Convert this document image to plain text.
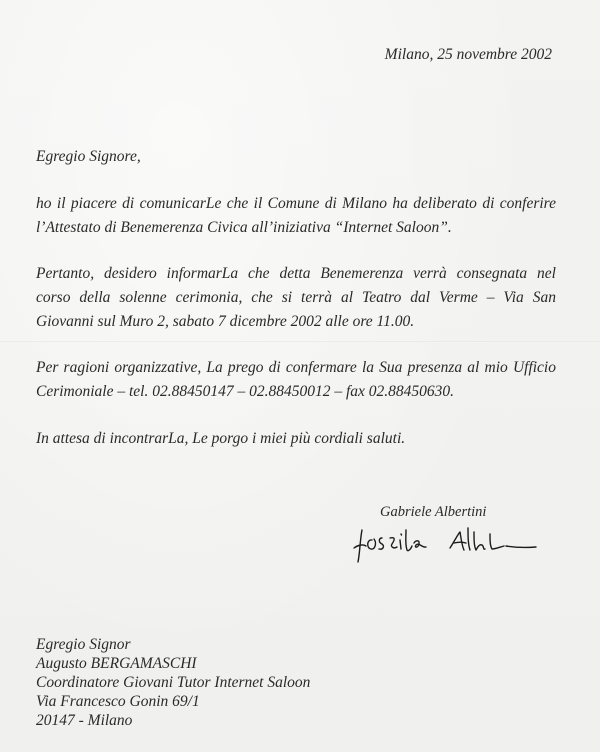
Milano, 25 novembre 2002
Egregio Signore,
ho il piacere di comunicarLe che il Comune di Milano ha deliberato di conferire
l’Attestato di Benemerenza Civica all’iniziativa “Internet Saloon”.
Pertanto, desidero informarLa che detta Benemerenza verrà consegnata nel
corso della solenne cerimonia, che si terrà al Teatro dal Verme – Via San
Giovanni sul Muro 2, sabato 7 dicembre 2002 alle ore 11.00.
Per ragioni organizzative, La prego di confermare la Sua presenza al mio Ufficio
Cerimoniale – tel. 02.88450147 – 02.88450012 – fax 02.88450630.
In attesa di incontrarLa, Le porgo i miei più cordiali saluti.
Gabriele Albertini
Egregio Signor
Augusto BERGAMASCHI
Coordinatore Giovani Tutor Internet Saloon
Via Francesco Gonin 69/1
20147 - Milano
